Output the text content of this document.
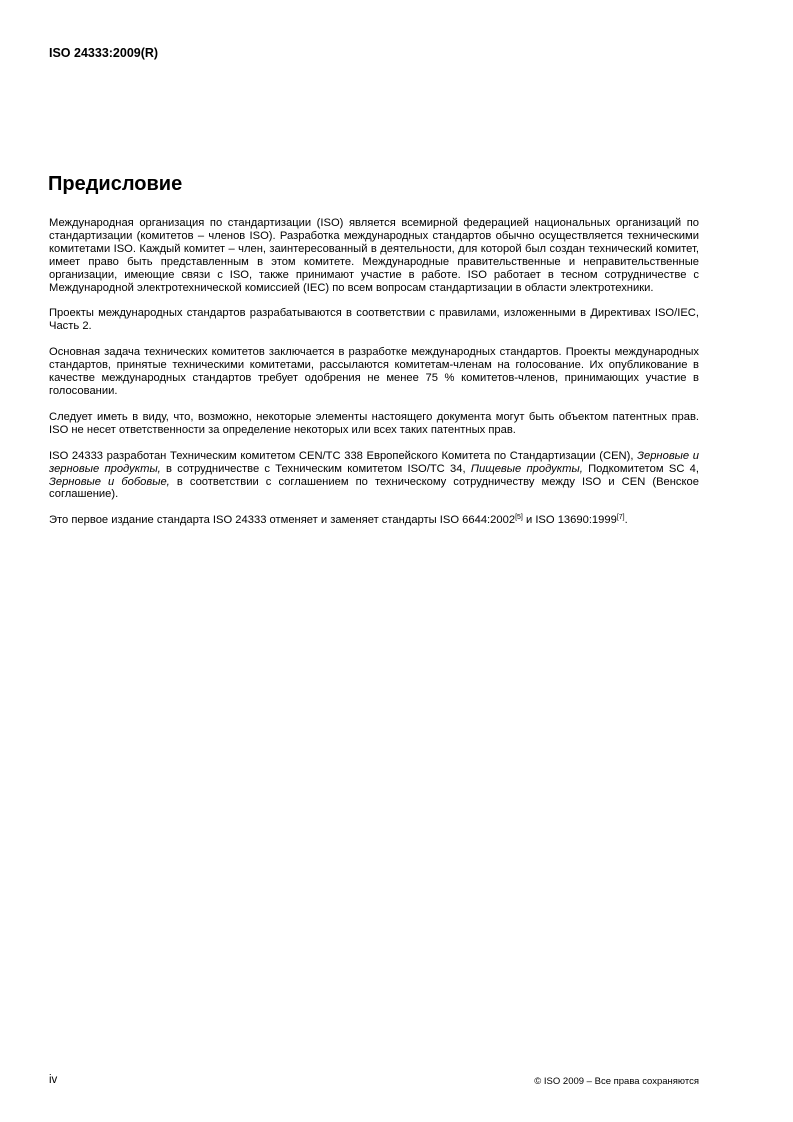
ISO 24333:2009(R)

Предисловие

Международная организация по стандартизации (ISO) является всемирной федерацией национальных организаций по стандартизации (комитетов – членов ISO). Разработка международных стандартов обычно осуществляется техническими комитетами ISO. Каждый комитет – член, заинтересованный в деятельности, для которой был создан технический комитет, имеет право быть представленным в этом комитете. Международные правительственные и неправительственные организации, имеющие связи с ISO, также принимают участие в работе. ISO работает в тесном сотрудничестве с Международной электротехнической комиссией (IEC) по всем вопросам стандартизации в области электротехники.

Проекты международных стандартов разрабатываются в соответствии с правилами, изложенными в Директивах ISO/IEC, Часть 2.

Основная задача технических комитетов заключается в разработке международных стандартов. Проекты международных стандартов, принятые техническими комитетами, рассылаются комитетам-членам на голосование. Их опубликование в качестве международных стандартов требует одобрения не менее 75 % комитетов-членов, принимающих участие в голосовании.

Следует иметь в виду, что, возможно, некоторые элементы настоящего документа могут быть объектом патентных прав. ISO не несет ответственности за определение некоторых или всех таких патентных прав.

ISO 24333 разработан Техническим комитетом CEN/TC 338 Европейского Комитета по Стандартизации (CEN), Зерновые и зерновые продукты, в сотрудничестве с Техническим комитетом ISO/TC 34, Пищевые продукты, Подкомитетом SC 4, Зерновые и бобовые, в соответствии с соглашением по техническому сотрудничеству между ISO и CEN (Венское соглашение).

Это первое издание стандарта ISO 24333 отменяет и заменяет стандарты ISO 6644:2002[5] и ISO 13690:1999[7].

iv	© ISO 2009 – Все права сохраняются
